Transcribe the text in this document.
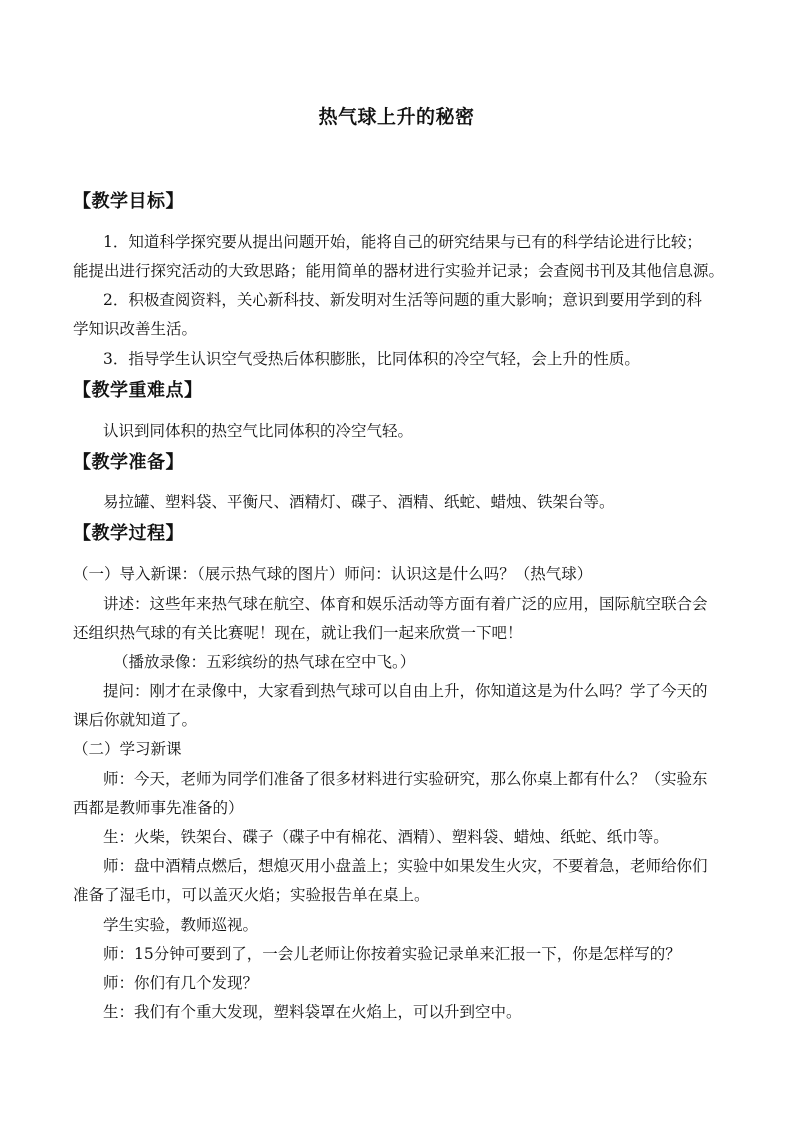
热气球上升的秘密
【教学目标】
1．知道科学探究要从提出问题开始，能将自己的研究结果与已有的科学结论进行比较；
能提出进行探究活动的大致思路；能用简单的器材进行实验并记录；会查阅书刊及其他信息源。
2．积极查阅资料，关心新科技、新发明对生活等问题的重大影响；意识到要用学到的科
学知识改善生活。
3．指导学生认识空气受热后体积膨胀，比同体积的冷空气轻，会上升的性质。
【教学重难点】
认识到同体积的热空气比同体积的冷空气轻。
【教学准备】
易拉罐、塑料袋、平衡尺、酒精灯、碟子、酒精、纸蛇、蜡烛、铁架台等。
【教学过程】
（一）导入新课：（展示热气球的图片）师问：认识这是什么吗？（热气球）
讲述：这些年来热气球在航空、体育和娱乐活动等方面有着广泛的应用，国际航空联合会
还组织热气球的有关比赛呢！现在，就让我们一起来欣赏一下吧！
（播放录像：五彩缤纷的热气球在空中飞。）
提问：刚才在录像中，大家看到热气球可以自由上升，你知道这是为什么吗？学了今天的
课后你就知道了。
（二）学习新课
师：今天，老师为同学们准备了很多材料进行实验研究，那么你桌上都有什么？（实验东
西都是教师事先准备的）
生：火柴，铁架台、碟子（碟子中有棉花、酒精）、塑料袋、蜡烛、纸蛇、纸巾等。
师：盘中酒精点燃后，想熄灭用小盘盖上；实验中如果发生火灾，不要着急，老师给你们
准备了湿毛巾，可以盖灭火焰；实验报告单在桌上。
学生实验，教师巡视。
师：15分钟可要到了，一会儿老师让你按着实验记录单来汇报一下，你是怎样写的？
师：你们有几个发现？
生：我们有个重大发现，塑料袋罩在火焰上，可以升到空中。
